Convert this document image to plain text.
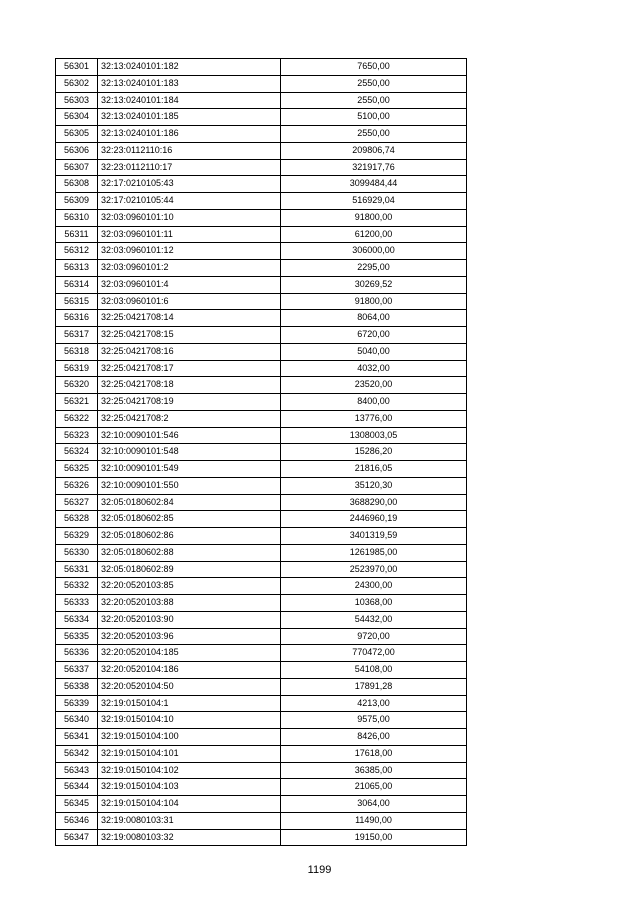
56301	32:13:0240101:182	7650,00
56302	32:13:0240101:183	2550,00
56303	32:13:0240101:184	2550,00
56304	32:13:0240101:185	5100,00
56305	32:13:0240101:186	2550,00
56306	32:23:0112110:16	209806,74
56307	32:23:0112110:17	321917,76
56308	32:17:0210105:43	3099484,44
56309	32:17:0210105:44	516929,04
56310	32:03:0960101:10	91800,00
56311	32:03:0960101:11	61200,00
56312	32:03:0960101:12	306000,00
56313	32:03:0960101:2	2295,00
56314	32:03:0960101:4	30269,52
56315	32:03:0960101:6	91800,00
56316	32:25:0421708:14	8064,00
56317	32:25:0421708:15	6720,00
56318	32:25:0421708:16	5040,00
56319	32:25:0421708:17	4032,00
56320	32:25:0421708:18	23520,00
56321	32:25:0421708:19	8400,00
56322	32:25:0421708:2	13776,00
56323	32:10:0090101:546	1308003,05
56324	32:10:0090101:548	15286,20
56325	32:10:0090101:549	21816,05
56326	32:10:0090101:550	35120,30
56327	32:05:0180602:84	3688290,00
56328	32:05:0180602:85	2446960,19
56329	32:05:0180602:86	3401319,59
56330	32:05:0180602:88	1261985,00
56331	32:05:0180602:89	2523970,00
56332	32:20:0520103:85	24300,00
56333	32:20:0520103:88	10368,00
56334	32:20:0520103:90	54432,00
56335	32:20:0520103:96	9720,00
56336	32:20:0520104:185	770472,00
56337	32:20:0520104:186	54108,00
56338	32:20:0520104:50	17891,28
56339	32:19:0150104:1	4213,00
56340	32:19:0150104:10	9575,00
56341	32:19:0150104:100	8426,00
56342	32:19:0150104:101	17618,00
56343	32:19:0150104:102	36385,00
56344	32:19:0150104:103	21065,00
56345	32:19:0150104:104	3064,00
56346	32:19:0080103:31	11490,00
56347	32:19:0080103:32	19150,00
1199
